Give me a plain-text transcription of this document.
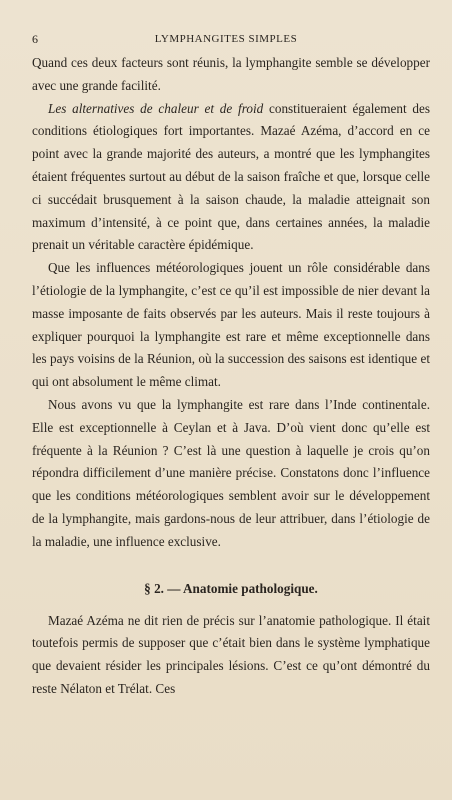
6	LYMPHANGITES SIMPLES

Quand ces deux facteurs sont réunis, la lymphangite semble se développer avec une grande facilité.

Les alternatives de chaleur et de froid constitueraient également des conditions étiologiques fort importantes. Mazaé Azéma, d’accord en ce point avec la grande majorité des auteurs, a montré que les lymphangites étaient fréquentes surtout au début de la saison fraîche et que, lorsque celle ci succédait brusquement à la saison chaude, la maladie atteignait son maximum d’intensité, à ce point que, dans certaines années, la maladie prenait un véritable caractère épidémique.

Que les influences météorologiques jouent un rôle considérable dans l’étiologie de la lymphangite, c’est ce qu’il est impossible de nier devant la masse imposante de faits observés par les auteurs. Mais il reste toujours à expliquer pourquoi la lymphangite est rare et même exceptionnelle dans les pays voisins de la Réunion, où la succession des saisons est identique et qui ont absolument le même climat.

Nous avons vu que la lymphangite est rare dans l’Inde continentale. Elle est exceptionnelle à Ceylan et à Java. D’où vient donc qu’elle est fréquente à la Réunion ? C’est là une question à laquelle je crois qu’on répondra difficilement d’une manière précise. Constatons donc l’influence que les conditions météorologiques semblent avoir sur le développement de la lymphangite, mais gardons-nous de leur attribuer, dans l’étiologie de la maladie, une influence exclusive.

§ 2. — Anatomie pathologique.

Mazaé Azéma ne dit rien de précis sur l’anatomie pathologique. Il était toutefois permis de supposer que c’était bien dans le système lymphatique que devaient résider les principales lésions. C’est ce qu’ont démontré du reste Nélaton et Trélat. Ces
